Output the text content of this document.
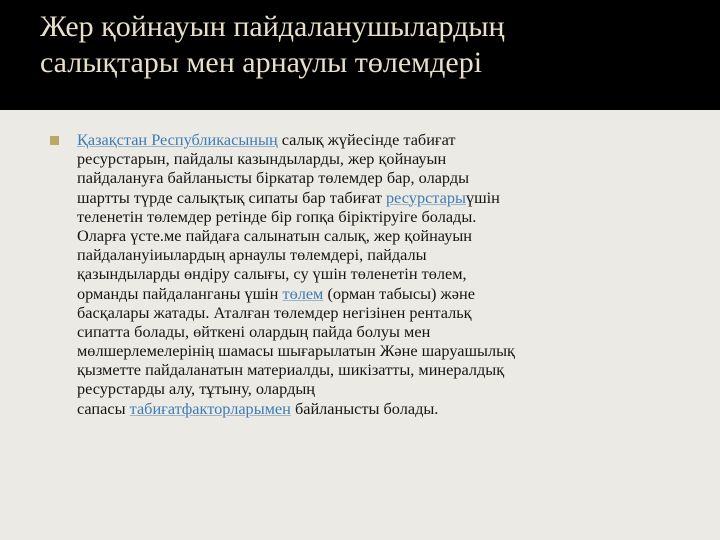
Жер қойнауын пайдаланушылардың
салықтары мен арнаулы төлемдері
Қазақстан Республикасының салық жүйесінде табиғат
ресурстарын, пайдалы казындыларды, жер қойнауын
пайдалануға байланысты біркатар төлемдер бар, оларды
шартты түрде салықтық сипаты бар табиғат ресурстарыүшін
теленетін төлемдер ретінде бір гопқа біріктіруіге болады.
Оларға үсте.ме пайдаға салынатын салық, жер қойнауын
пайдалануіиылардың арнаулы төлемдері, пайдалы
қазындыларды өндіру салығы, су үшін төленетін төлем,
орманды пайдаланганы үшін төлем (орман табысы) және
басқалары жатады. Аталған төлемдер негізінен рентальқ
сипатта болады, өйткені олардың пайда болуы мен
мөлшерлемелерінің шамасы шығарылатын Және шаруашылық
қызметте пайдаланатын материалды, шикізатты, минералдық
ресурстарды алу, тұтыну, олардың
сапасы табиғатфакторларымен байланысты болады.
